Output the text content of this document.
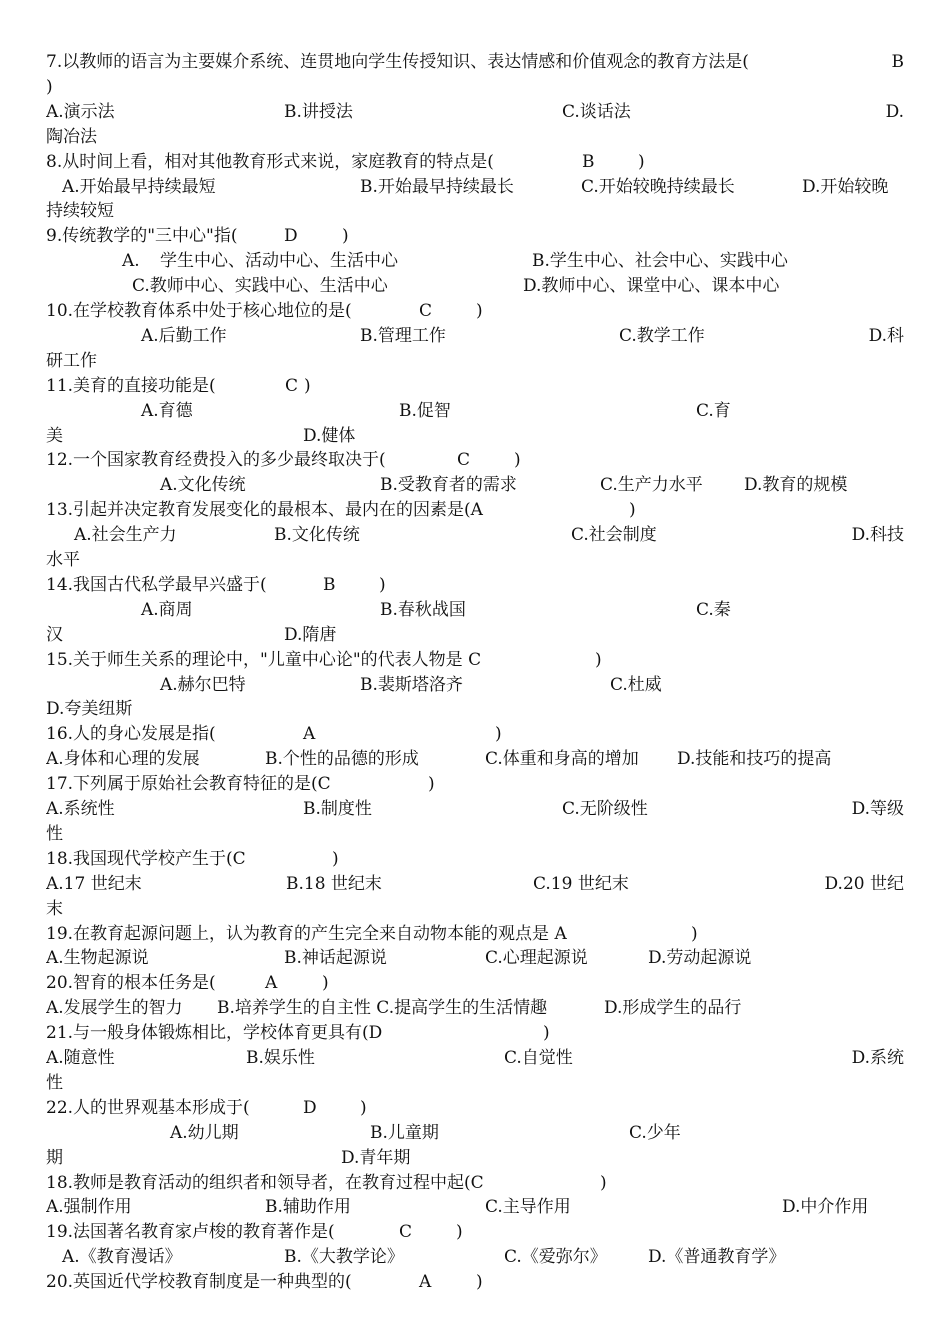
7.以教师的语言为主要媒介系统、连贯地向学生传授知识、表达情感和价值观念的教育方法是(	B
)
A.演示法	B.讲授法	C.谈话法	D.
陶冶法
8.从时间上看，相对其他教育形式来说，家庭教育的特点是(	B	)
A.开始最早持续最短	B.开始最早持续最长	C.开始较晚持续最长	D.开始较晚
持续较短
9.传统教学的"三中心"指(	D	)
A. 学生中心、活动中心、生活中心	B.学生中心、社会中心、实践中心
C.教师中心、实践中心、生活中心	D.教师中心、课堂中心、课本中心
10.在学校教育体系中处于核心地位的是(	C	)
A.后勤工作	B.管理工作	C.教学工作	D.科
研工作
11.美育的直接功能是(	C )
A.育德	B.促智	C.育
美	D.健体
12.一个国家教育经费投入的多少最终取决于(	C	)
A.文化传统	B.受教育者的需求	C.生产力水平 D.教育的规模
13.引起并决定教育发展变化的最根本、最内在的因素是(A	)
A.社会生产力	B.文化传统	C.社会制度	D.科技
水平
14.我国古代私学最早兴盛于(	B	)
A.商周	B.春秋战国	C.秦
汉	D.隋唐
15.关于师生关系的理论中，"儿童中心论"的代表人物是 C	)
A.赫尔巴特	B.裴斯塔洛齐	C.杜威
D.夸美纽斯
16.人的身心发展是指(	A	)
A.身体和心理的发展	B.个性的品德的形成	C.体重和身高的增加 D.技能和技巧的提高
17.下列属于原始社会教育特征的是(C	)
A.系统性	B.制度性	C.无阶级性	D.等级
性
18.我国现代学校产生于(C	)
A.17 世纪末	B.18 世纪末	C.19 世纪末	D.20 世纪
末
19.在教育起源问题上，认为教育的产生完全来自动物本能的观点是 A	)
A.生物起源说	B.神话起源说	C.心理起源说	D.劳动起源说
20.智育的根本任务是(	A	)
A.发展学生的智力 B.培养学生的自主性 C.提高学生的生活情趣	D.形成学生的品行
21.与一般身体锻炼相比，学校体育更具有(D	)
A.随意性	B.娱乐性	C.自觉性	D.系统
性
22.人的世界观基本形成于(	D	)
A.幼儿期	B.儿童期	C.少年
期	D.青年期
18.教师是教育活动的组织者和领导者，在教育过程中起(C	)
A.强制作用	B.辅助作用	C.主导作用	D.中介作用
19.法国著名教育家卢梭的教育著作是(	C	)
A.《教育漫话》	B.《大教学论》	C.《爱弥尔》 D.《普通教育学》
20.英国近代学校教育制度是一种典型的(	A	)
